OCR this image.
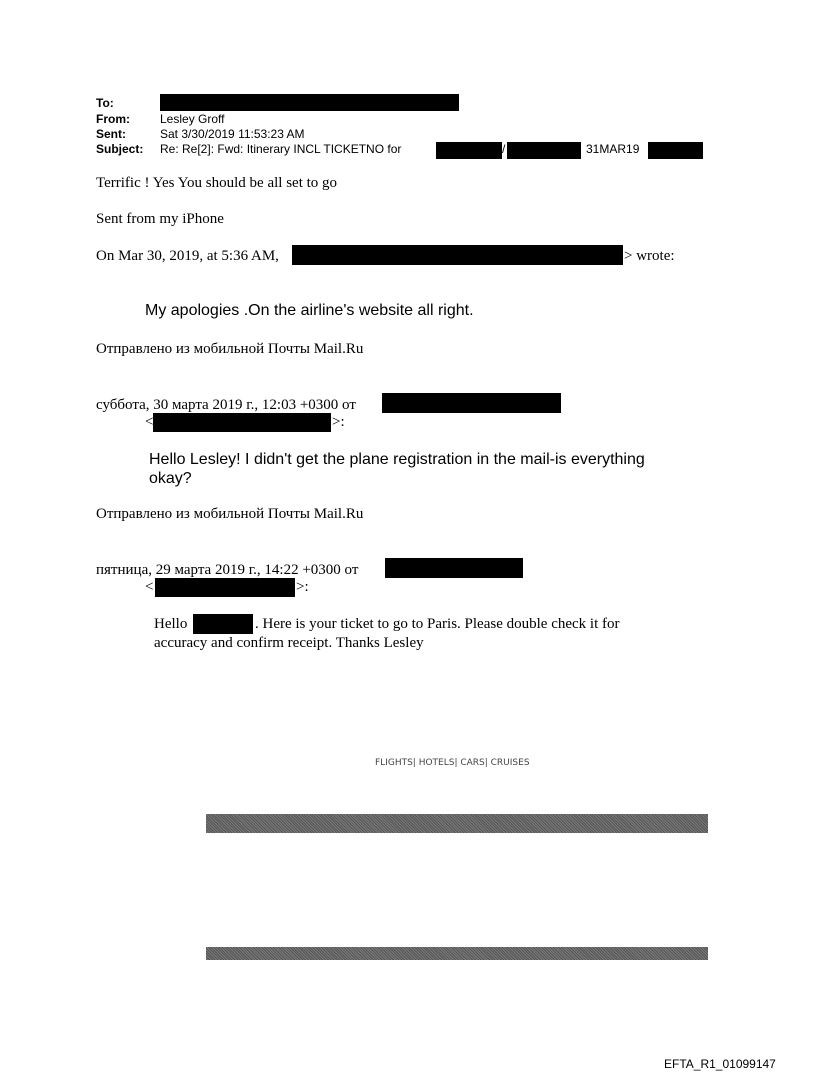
To:
From:	Lesley Groff
Sent:	Sat 3/30/2019 11:53:23 AM
Subject: Re: Re[2]: Fwd: Itinerary INCL TICKETNO for	/	31MAR19
Terrific ! Yes You should be all set to go
Sent from my iPhone
On Mar 30, 2019, at 5:36 AM,	> wrote:
My apologies .On the airline's website all right.
Отправлено из мобильной Почты Mail.Ru
суббота, 30 марта 2019 г., 12:03 +0300 от
<	>:
Hello Lesley! I didn't get the plane registration in the mail-is everything okay?
Отправлено из мобильной Почты Mail.Ru
пятница, 29 марта 2019 г., 14:22 +0300 от
<	>:
Hello	. Here is your ticket to go to Paris. Please double check it for
accuracy and confirm receipt. Thanks Lesley
FLIGHTS| HOTELS| CARS| CRUISES
EFTA_R1_01099147
